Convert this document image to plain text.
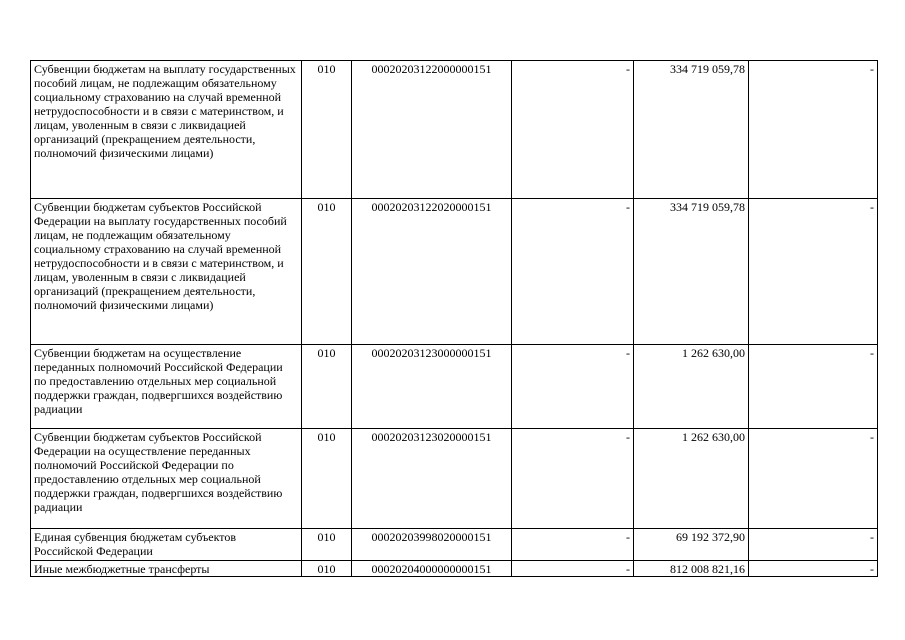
Субвенции бюджетам на выплату государственных пособий лицам, не подлежащим обязательному социальному страхованию на случай временной нетрудоспособности и в связи с материнством, и лицам, уволенным в связи с ликвидацией организаций (прекращением деятельности, полномочий физическими лицами)	010	00020203122000000151	-	334 719 059,78	-
Субвенции бюджетам субъектов Российской Федерации на выплату государственных пособий лицам, не подлежащим обязательному социальному страхованию на случай временной нетрудоспособности и в связи с материнством, и лицам, уволенным в связи с ликвидацией организаций (прекращением деятельности, полномочий физическими лицами)	010	00020203122020000151	-	334 719 059,78	-
Субвенции бюджетам на осуществление переданных полномочий Российской Федерации по предоставлению отдельных мер социальной поддержки граждан, подвергшихся воздействию радиации	010	00020203123000000151	-	1 262 630,00	-
Субвенции бюджетам субъектов Российской Федерации на осуществление переданных полномочий Российской Федерации по предоставлению отдельных мер социальной поддержки граждан, подвергшихся воздействию радиации	010	00020203123020000151	-	1 262 630,00	-
Единая субвенция бюджетам субъектов Российской Федерации	010	00020203998020000151	-	69 192 372,90	-
Иные межбюджетные трансферты	010	00020204000000000151	-	812 008 821,16	-
